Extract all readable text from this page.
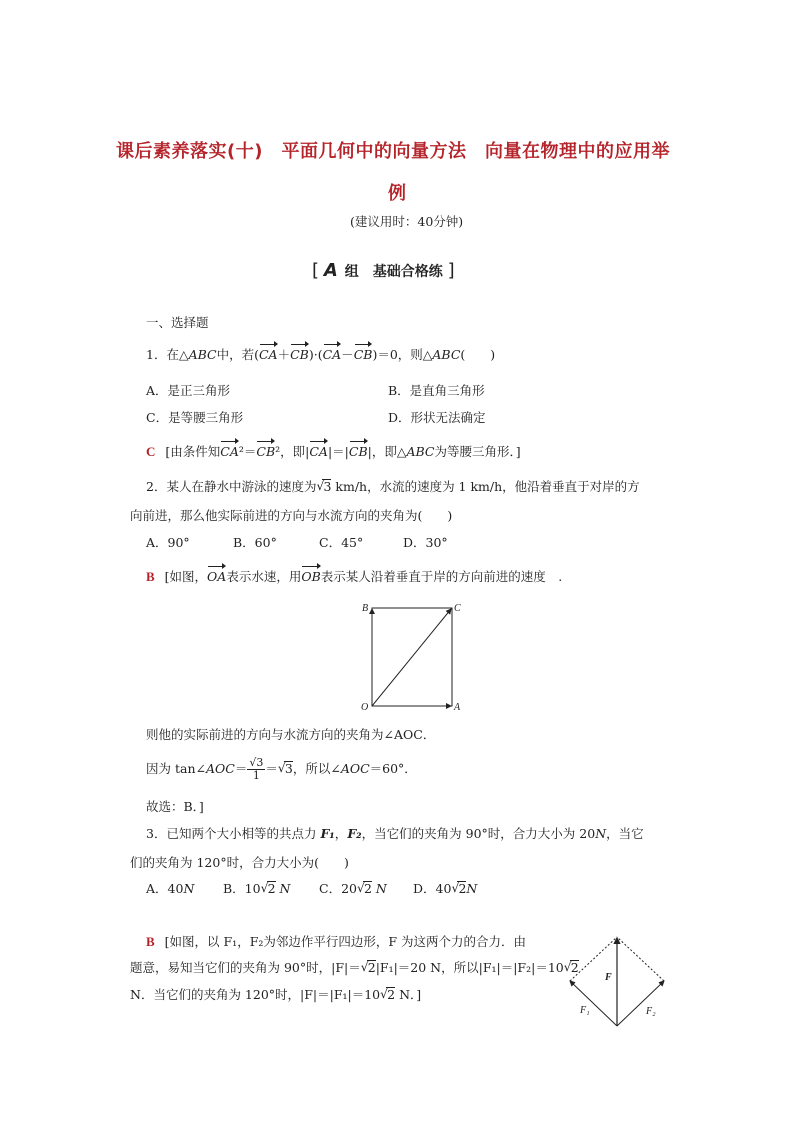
课后素养落实(十)　平面几何中的向量方法　向量在物理中的应用举
例
(建议用时：40分钟)
[ A 组　基础合格练 ]
一、选择题
1．在△ABC中，若(CA＋CB)·(CA－CB)＝0，则△ABC(　　)
A．是正三角形	B．是直角三角形
C．是等腰三角形	D．形状无法确定
C [由条件知CA²＝CB²，即|CA|＝|CB|，即△ABC为等腰三角形．]
2．某人在静水中游泳的速度为 √ 3 km/h，水流的速度为 1 km/h，他沿着垂直于对岸的方
向前进，那么他实际前进的方向与水流方向的夹角为(　　)
A．90°	B．60°	C．45°	D．30°
B [如图，OA表示水速，用OB表示某人沿着垂直于岸的方向前进的速度　.
B	C
O	A
则他的实际前进的方向与水流方向的夹角为∠AOC．
因为 tan∠AOC＝ $\frac{√3}{1}$ ＝ √ 3，所以∠AOC＝60°．
故选：B．]
3．已知两个大小相等的共点力 F₁，F₂，当它们的夹角为 90°时，合力大小为 20N，当它
们的夹角为 120°时，合力大小为(　　)
A．40N B．10 √ 2 N C．20 √ 2 N D．40 √ 2N
B [如图，以 F₁，F₂为邻边作平行四边形，F 为这两个力的合力．由
题意，易知当它们的夹角为 90°时，|F|＝ √ 2|F₁|＝20 N，所以|F₁|＝|F₂|＝10 √ 2
N．当它们的夹角为 120°时，|F|＝|F₁|＝10 √ 2 N．]
F
F₁	F₂
